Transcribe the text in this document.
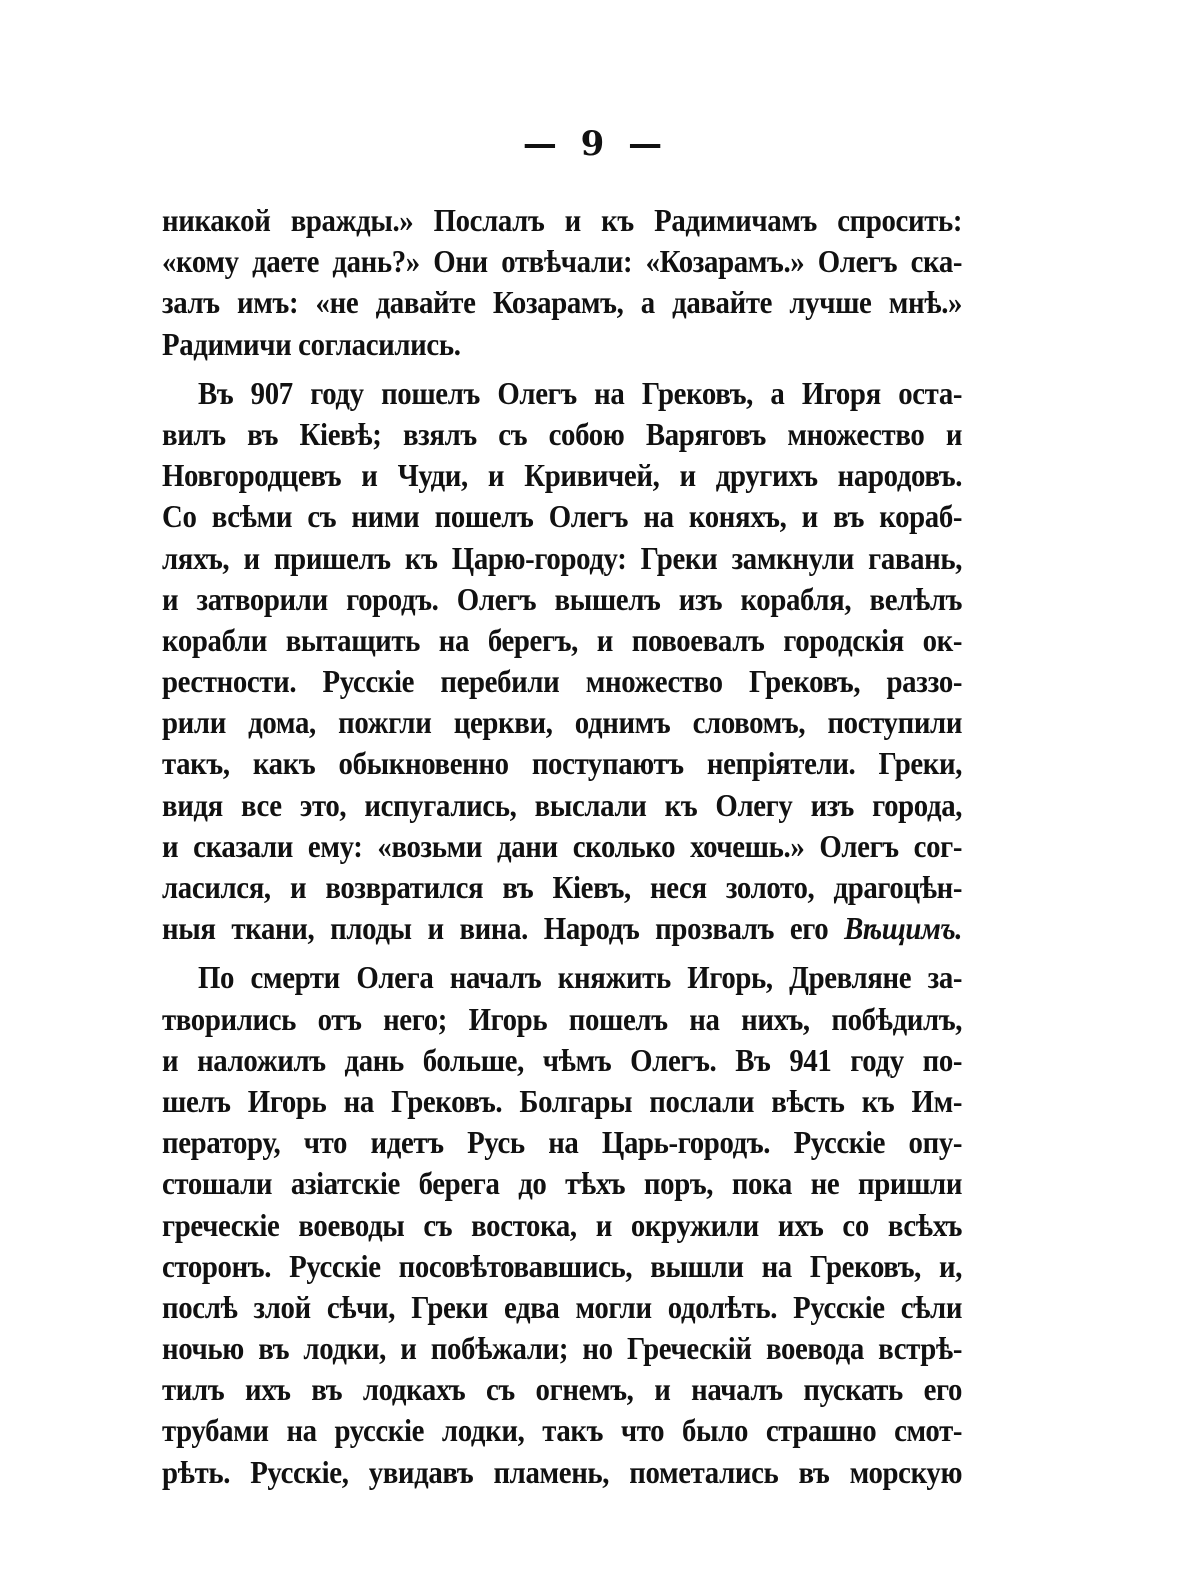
— 9 —
никакой вражды.» Послалъ и къ Радимичамъ спросить:
«кому даете дань?» Они отвѣчали: «Козарамъ.» Олегъ ска-
залъ имъ: «не давайте Козарамъ, а давайте лучше мнѣ.»
Радимичи согласились.
Въ 907 году пошелъ Олегъ на Грековъ, а Игоря оста-
вилъ въ Кіевѣ; взялъ съ собою Варяговъ множество и
Новгородцевъ и Чуди, и Кривичей, и другихъ народовъ.
Со всѣми съ ними пошелъ Олегъ на коняхъ, и въ кораб-
ляхъ, и пришелъ къ Царю-городу: Греки замкнули гавань,
и затворили городъ. Олегъ вышелъ изъ корабля, велѣлъ
корабли вытащить на берегъ, и повоевалъ городскія ок-
рестности. Русскіе перебили множество Грековъ, раззо-
рили дома, пожгли церкви, однимъ словомъ, поступили
такъ, какъ обыкновенно поступаютъ непріятели. Греки,
видя все это, испугались, выслали къ Олегу изъ города,
и сказали ему: «возьми дани сколько хочешь.» Олегъ сог-
ласился, и возвратился въ Кіевъ, неся золото, драгоцѣн-
ныя ткани, плоды и вина. Народъ прозвалъ его Вѣщимъ.
По смерти Олега началъ княжить Игорь, Древляне за-
творились отъ него; Игорь пошелъ на нихъ, побѣдилъ,
и наложилъ дань больше, чѣмъ Олегъ. Въ 941 году по-
шелъ Игорь на Грековъ. Болгары послали вѣсть къ Им-
ператору, что идетъ Русь на Царь-городъ. Русскіе опу-
стошали азіатскіе берега до тѣхъ поръ, пока не пришли
греческіе воеводы съ востока, и окружили ихъ со всѣхъ
сторонъ. Русскіе посовѣтовавшись, вышли на Грековъ, и,
послѣ злой сѣчи, Греки едва могли одолѣть. Русскіе сѣли
ночью въ лодки, и побѣжали; но Греческій воевода встрѣ-
тилъ ихъ въ лодкахъ съ огнемъ, и началъ пускать его
трубами на русскіе лодки, такъ что было страшно смот-
рѣть. Русскіе, увидавъ пламень, пометались въ морскую
